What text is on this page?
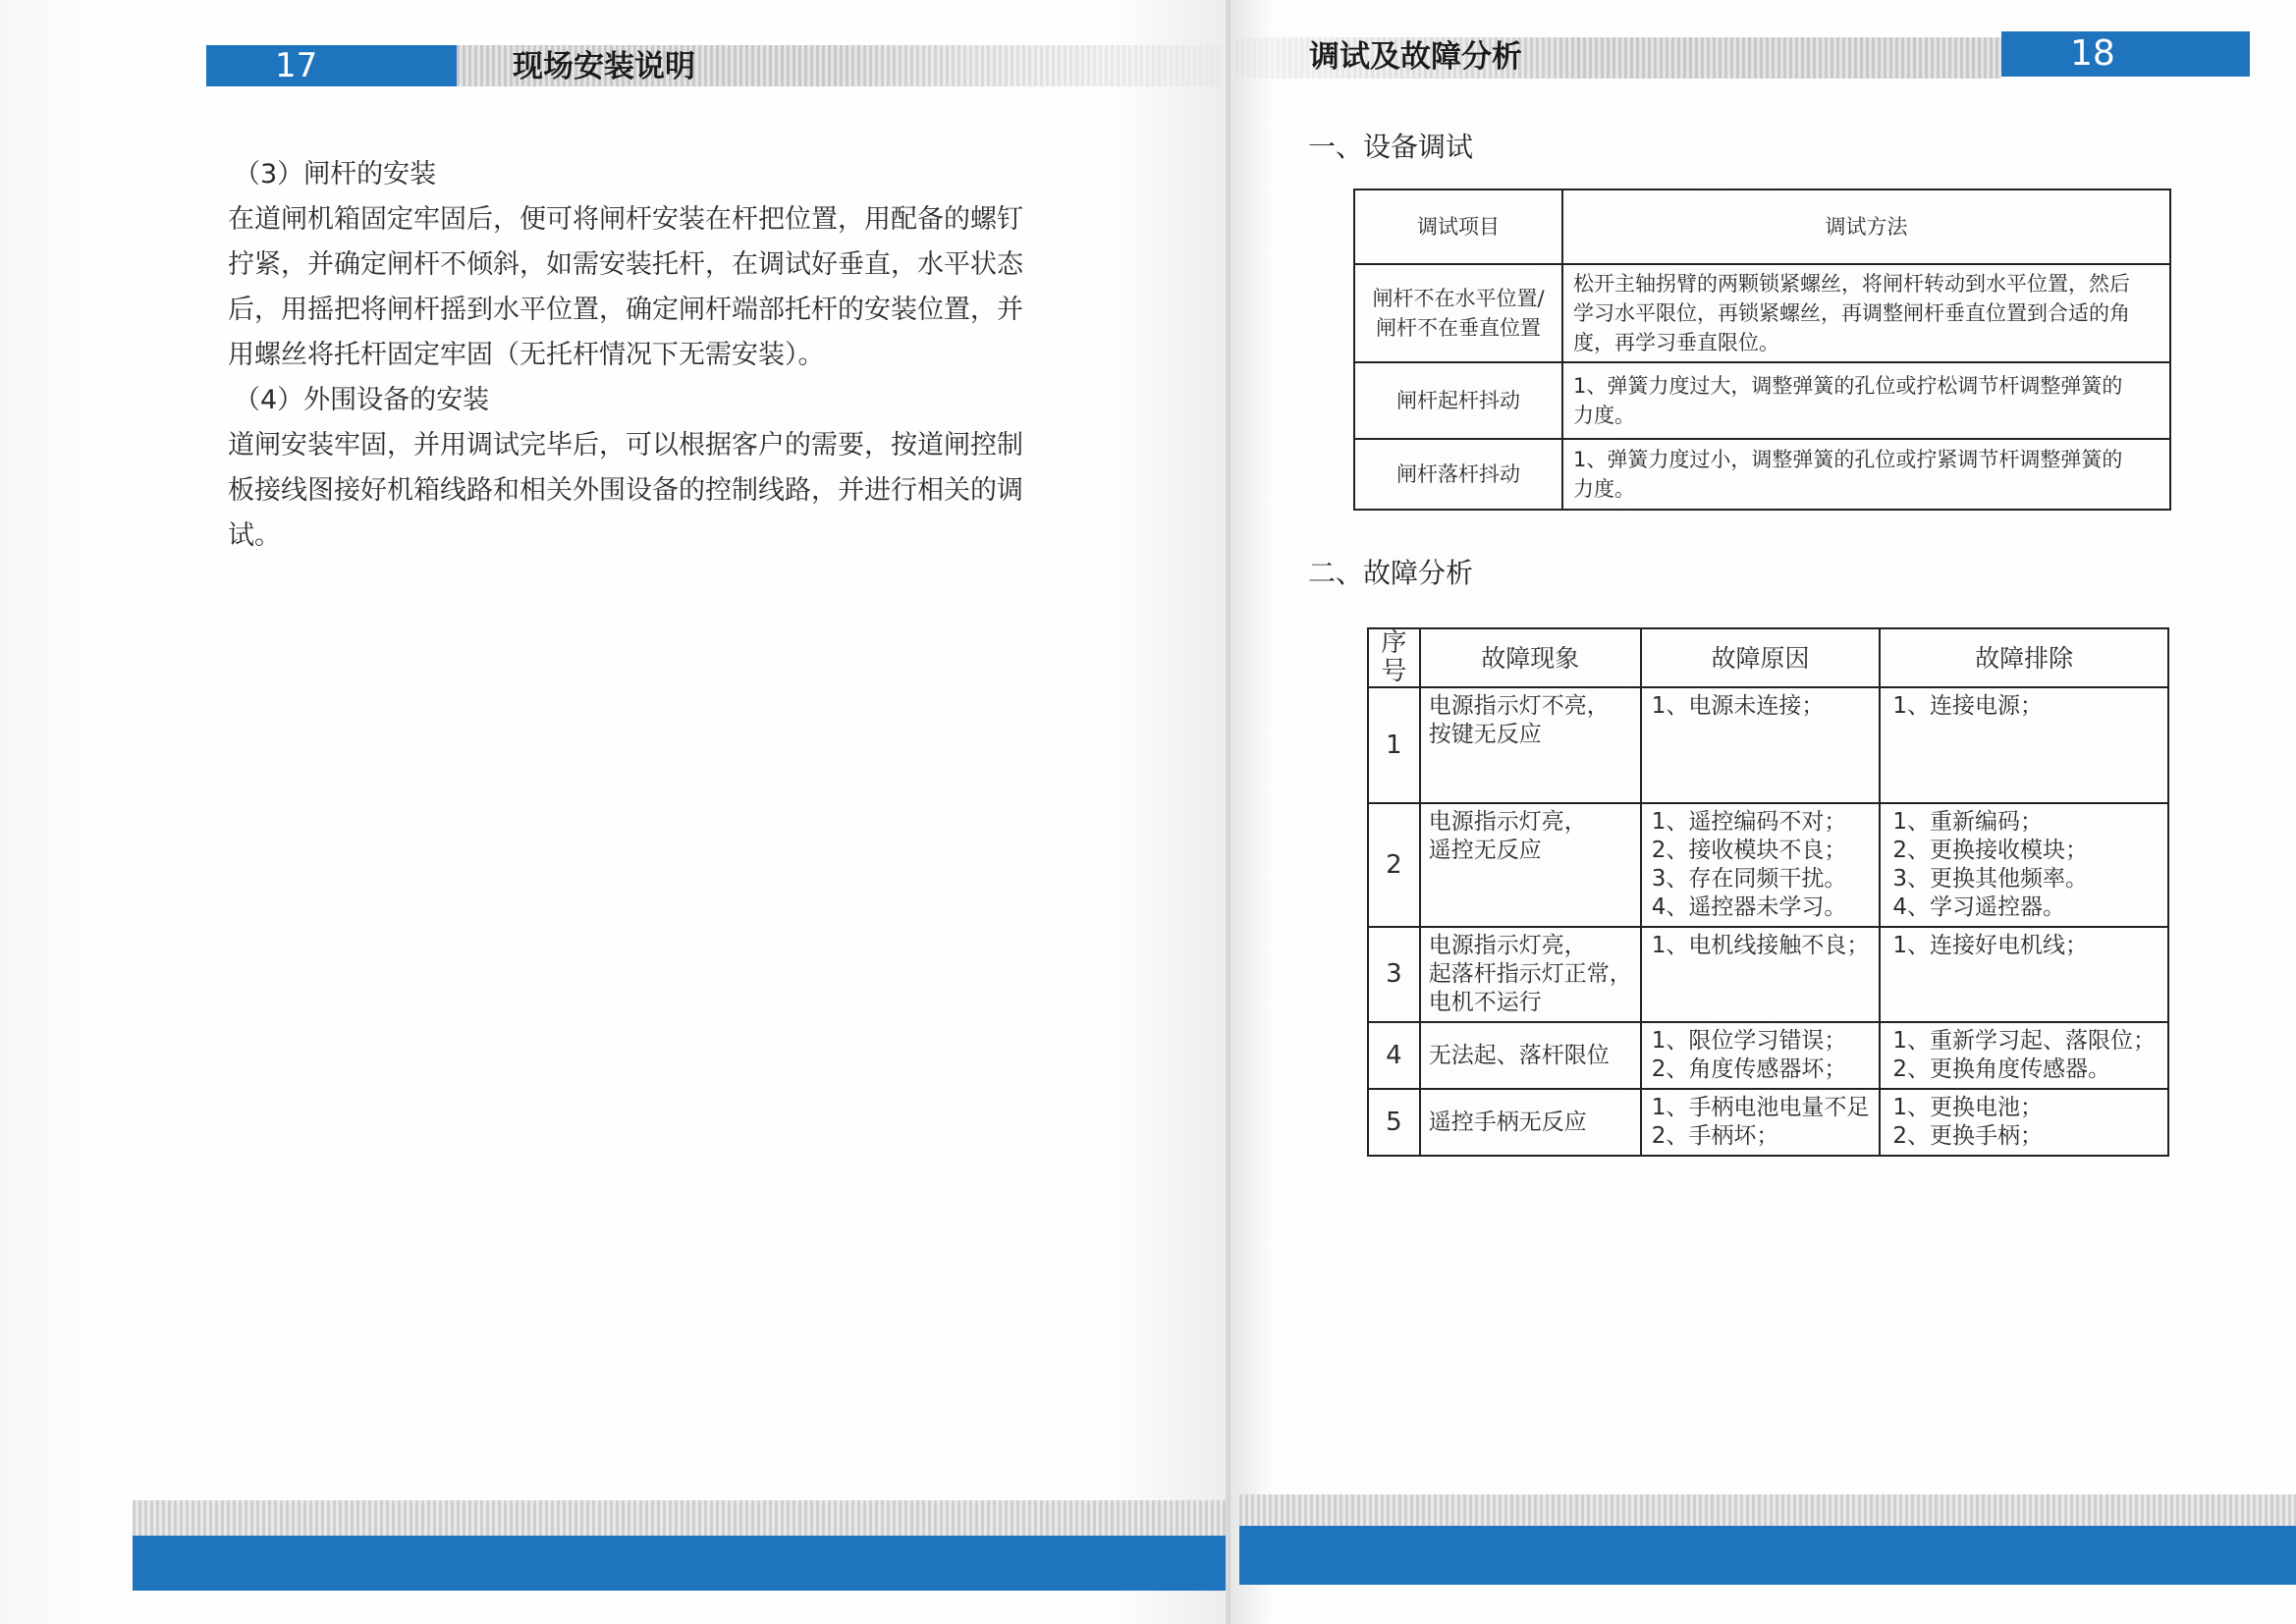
17	现场安装说明

（3）闸杆的安装

在道闸机箱固定牢固后，便可将闸杆安装在杆把位置，用配备的螺钉

拧紧，并确定闸杆不倾斜，如需安装托杆，在调试好垂直，水平状态

后，用摇把将闸杆摇到水平位置，确定闸杆端部托杆的安装位置，并

用螺丝将托杆固定牢固（无托杆情况下无需安装）。

（4）外围设备的安装

道闸安装牢固，并用调试完毕后，可以根据客户的需要，按道闸控制

板接线图接好机箱线路和相关外围设备的控制线路，并进行相关的调

试。

调试及故障分析	18
一、设备调试
调试项目	调试方法

闸杆不在水平位置/
闸杆不在垂直位置	松开主轴拐臂的两颗锁紧螺丝，将闸杆转动到水平位置，然后
学习水平限位，再锁紧螺丝，再调整闸杆垂直位置到合适的角
度，再学习垂直限位。

闸杆起杆抖动	1、弹簧力度过大，调整弹簧的孔位或拧松调节杆调整弹簧的
力度。

闸杆落杆抖动	1、弹簧力度过小，调整弹簧的孔位或拧紧调节杆调整弹簧的
力度。
二、故障分析
序号	故障现象	故障原因	故障排除
1	电源指示灯不亮，
按键无反应	1、电源未连接；	1、连接电源；

2	电源指示灯亮，
遥控无反应	1、遥控编码不对；
2、接收模块不良；
3、存在同频干扰。
4、遥控器未学习。	1、重新编码；
2、更换接收模块；
3、更换其他频率。
4、学习遥控器。

3	电源指示灯亮，
起落杆指示灯正常，
电机不运行	1、电机线接触不良；	1、连接好电机线；

4	无法起、落杆限位	1、限位学习错误；
2、角度传感器坏；	1、重新学习起、落限位；
2、更换角度传感器。

5	遥控手柄无反应	1、手柄电池电量不足
2、手柄坏；	1、更换电池；
2、更换手柄；
